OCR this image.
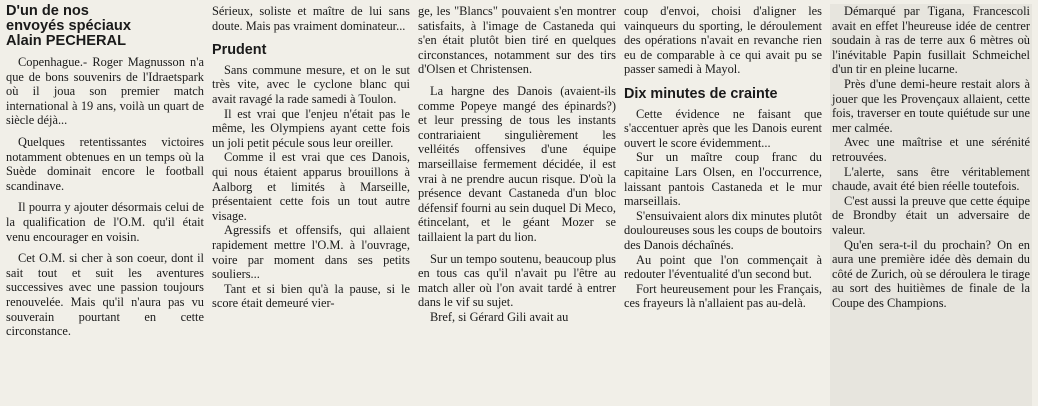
D'un de nos
envoyés spéciaux
Alain PECHERAL

Copenhague.- Roger Magnusson n'a que de bons souvenirs de l'Idraetspark où il joua son premier match international à 19 ans, voilà un quart de siècle déjà...

Quelques retentissantes victoires notamment obtenues en un temps où la Suède dominait encore le football scandinave.

Il pourra y ajouter désormais celui de la qualification de l'O.M. qu'il était venu encourager en voisin.

Cet O.M. si cher à son coeur, dont il sait tout et suit les aventures successives avec une passion toujours renouvelée. Mais qu'il n'aura pas vu souverain pourtant en cette circonstance.

Sérieux, soliste et maître de lui sans doute. Mais pas vraiment dominateur...

Prudent

Sans commune mesure, et on le sut très vite, avec le cyclone blanc qui avait ravagé la rade samedi à Toulon.

Il est vrai que l'enjeu n'était pas le même, les Olympiens ayant cette fois un joli petit pécule sous leur oreiller.

Comme il est vrai que ces Danois, qui nous étaient apparus brouillons à Aalborg et limités à Marseille, présentaient cette fois un tout autre visage.

Agressifs et offensifs, qui allaient rapidement mettre l'O.M. à l'ouvrage, voire par moment dans ses petits souliers...

Tant et si bien qu'à la pause, si le score était demeuré vier-

ge, les "Blancs" pouvaient s'en montrer satisfaits, à l'image de Castaneda qui s'en était plutôt bien tiré en quelques circonstances, notamment sur des tirs d'Olsen et Christensen.

La hargne des Danois (avaient-ils comme Popeye mangé des épinards?) et leur pressing de tous les instants contrariaient singulièrement les velléités offensives d'une équipe marseillaise fermement décidée, il est vrai à ne prendre aucun risque. D'où la présence devant Castaneda d'un bloc défensif fourni au sein duquel Di Meco, étincelant, et le géant Mozer se taillaient la part du lion.

Sur un tempo soutenu, beaucoup plus en tous cas qu'il n'avait pu l'être au match aller où l'on avait tardé à entrer dans le vif su sujet.

Bref, si Gérard Gili avait au

coup d'envoi, choisi d'aligner les vainqueurs du sporting, le déroulement des opérations n'avait en revanche rien eu de comparable à ce qui avait pu se passer samedi à Mayol.

Dix minutes de crainte

Cette évidence ne faisant que s'accentuer après que les Danois eurent ouvert le score évidemment...

Sur un maître coup franc du capitaine Lars Olsen, en l'occurrence, laissant pantois Castaneda et le mur marseillais.

S'ensuivaient alors dix minutes plutôt douloureuses sous les coups de boutoirs des Danois déchaînés.

Au point que l'on commençait à redouter l'éventualité d'un second but.

Fort heureusement pour les Français, ces frayeurs là n'allaient pas au-delà.

Démarqué par Tigana, Francescoli avait en effet l'heureuse idée de centrer soudain à ras de terre aux 6 mètres où l'inévitable Papin fusillait Schmeichel d'un tir en pleine lucarne.

Près d'une demi-heure restait alors à jouer que les Provençaux allaient, cette fois, traverser en toute quiétude sur une mer calmée.

Avec une maîtrise et une sérénité retrouvées.

L'alerte, sans être véritablement chaude, avait été bien réelle toutefois.

C'est aussi la preuve que cette équipe de Brondby était un adversaire de valeur.

Qu'en sera-t-il du prochain? On en aura une première idée dès demain du côté de Zurich, où se déroulera le tirage au sort des huitièmes de finale de la Coupe des Champions.
